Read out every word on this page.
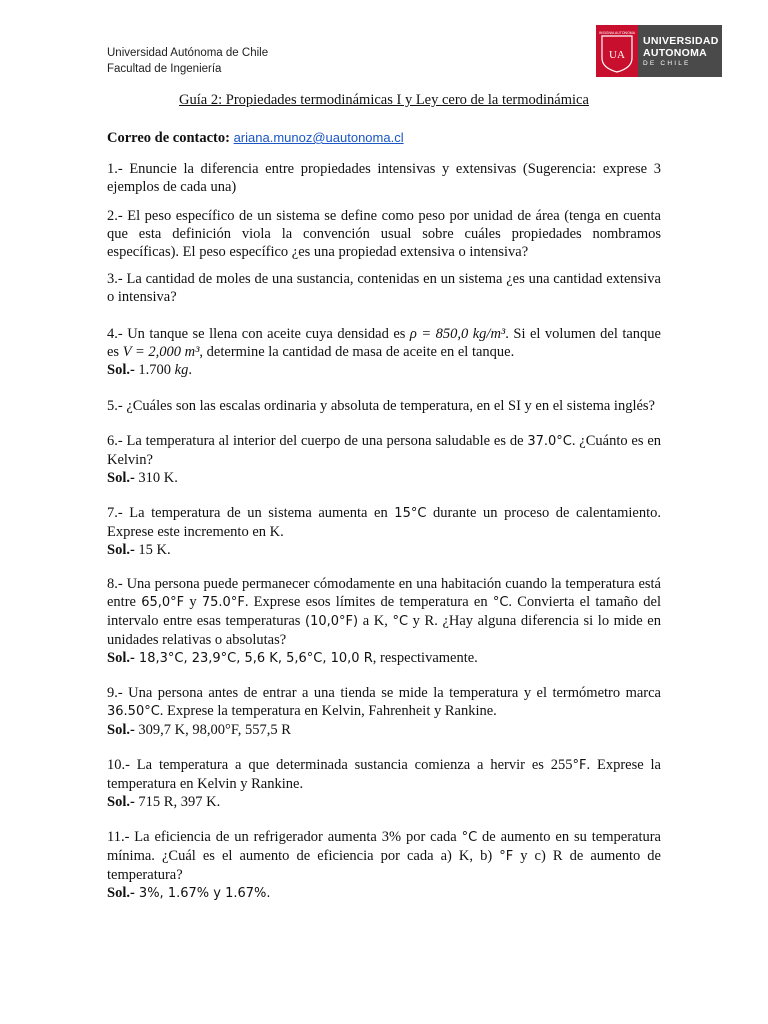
Universidad Autónoma de Chile
Facultad de Ingeniería
INSIGNIA AUTONOMA
UA
UNIVERSIDAD
AUTONOMA
DE CHILE
Guía 2: Propiedades termodinámicas I y Ley cero de la termodinámica
Correo de contacto: ariana.munoz@uautonoma.cl
1.- Enuncie la diferencia entre propiedades intensivas y extensivas (Sugerencia: exprese 3 ejemplos de cada una)
2.- El peso específico de un sistema se define como peso por unidad de área (tenga en cuenta que esta definición viola la convención usual sobre cuáles propiedades nombramos específicas). El peso específico ¿es una propiedad extensiva o intensiva?
3.- La cantidad de moles de una sustancia, contenidas en un sistema ¿es una cantidad extensiva o intensiva?
4.- Un tanque se llena con aceite cuya densidad es ρ = 850,0 kg/m³. Si el volumen del tanque es V = 2,000 m³, determine la cantidad de masa de aceite en el tanque.
Sol.- 1.700 kg.
5.- ¿Cuáles son las escalas ordinaria y absoluta de temperatura, en el SI y en el sistema inglés?
6.- La temperatura al interior del cuerpo de una persona saludable es de 37.0°C. ¿Cuánto es en Kelvin?
Sol.- 310 K.
7.- La temperatura de un sistema aumenta en 15°C durante un proceso de calentamiento. Exprese este incremento en K.
Sol.- 15 K.
8.- Una persona puede permanecer cómodamente en una habitación cuando la temperatura está entre 65,0°F y 75.0°F. Exprese esos límites de temperatura en °C. Convierta el tamaño del intervalo entre esas temperaturas (10,0°F) a K, °C y R. ¿Hay alguna diferencia si lo mide en unidades relativas o absolutas?
Sol.- 18,3°C, 23,9°C, 5,6 K, 5,6°C, 10,0 R, respectivamente.
9.- Una persona antes de entrar a una tienda se mide la temperatura y el termómetro marca 36.50°C. Exprese la temperatura en Kelvin, Fahrenheit y Rankine.
Sol.- 309,7 K, 98,00°F, 557,5 R
10.- La temperatura a que determinada sustancia comienza a hervir es 255°F. Exprese la temperatura en Kelvin y Rankine.
Sol.- 715 R, 397 K.
11.- La eficiencia de un refrigerador aumenta 3% por cada °C de aumento en su temperatura mínima. ¿Cuál es el aumento de eficiencia por cada a) K, b) °F y c) R de aumento de temperatura?
Sol.- 3%, 1.67% y 1.67%.
